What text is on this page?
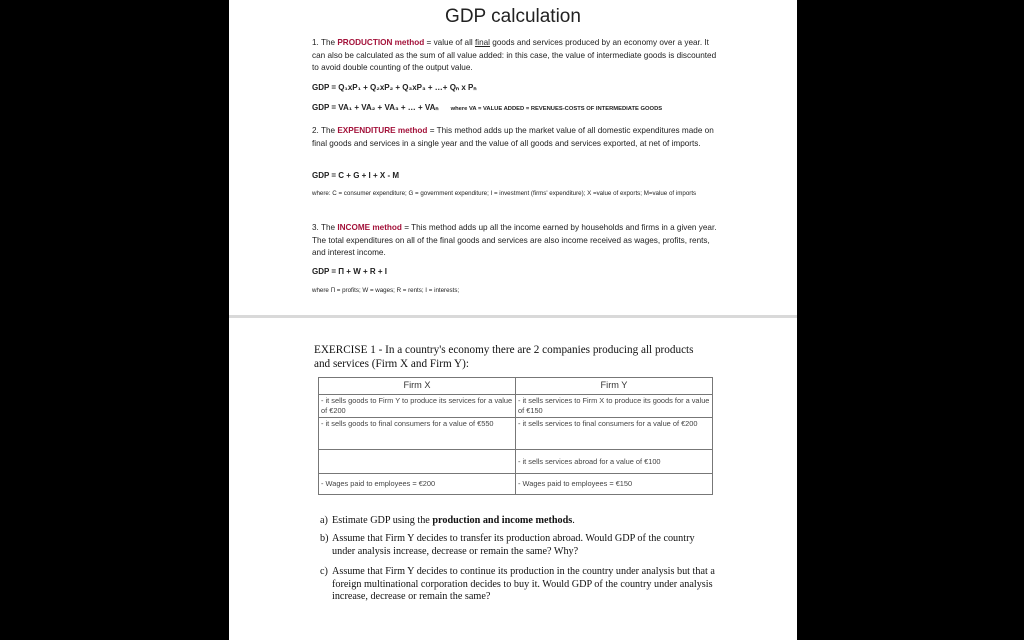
GDP calculation
1. The PRODUCTION method = value of all final goods and services produced by an economy over a year. It can also be calculated as the sum of all value added: in this case, the value of intermediate goods is discounted to avoid double counting of the output value.
GDP = Q₁xP₁ + Q₂xP₂ + Q₃xP₃ + …+ Qₙ x Pₙ
GDP = VA₁ + VA₂ + VA₃ + … + VAₙ where VA = VALUE ADDED = REVENUES-COSTS OF INTERMEDIATE GOODS
2. The EXPENDITURE method = This method adds up the market value of all domestic expenditures made on final goods and services in a single year and the value of all goods and services exported, at net of imports.
GDP = C + G + I + X - M
where: C = consumer expenditure; G = government expenditure; I = investment (firms' expenditure); X =value of exports; M=value of imports
3. The INCOME method = This method adds up all the income earned by households and firms in a given year. The total expenditures on all of the final goods and services are also income received as wages, profits, rents, and interest income.
GDP = Π + W + R + I
where Π = profits; W = wages; R = rents; I = interests;
EXERCISE 1 - In a country's economy there are 2 companies producing all products and services (Firm X and Firm Y):
Firm X	Firm Y
- it sells goods to Firm Y to produce its services for a value of €200	- it sells services to Firm X to produce its goods for a value of €150
- it sells goods to final consumers for a value of €550	- it sells services to final consumers for a value of €200
	- it sells services abroad for a value of €100
- Wages paid to employees = €200	- Wages paid to employees = €150
a) Estimate GDP using the production and income methods.
b) Assume that Firm Y decides to transfer its production abroad. Would GDP of the country under analysis increase, decrease or remain the same? Why?
c) Assume that Firm Y decides to continue its production in the country under analysis but that a foreign multinational corporation decides to buy it. Would GDP of the country under analysis increase, decrease or remain the same?
